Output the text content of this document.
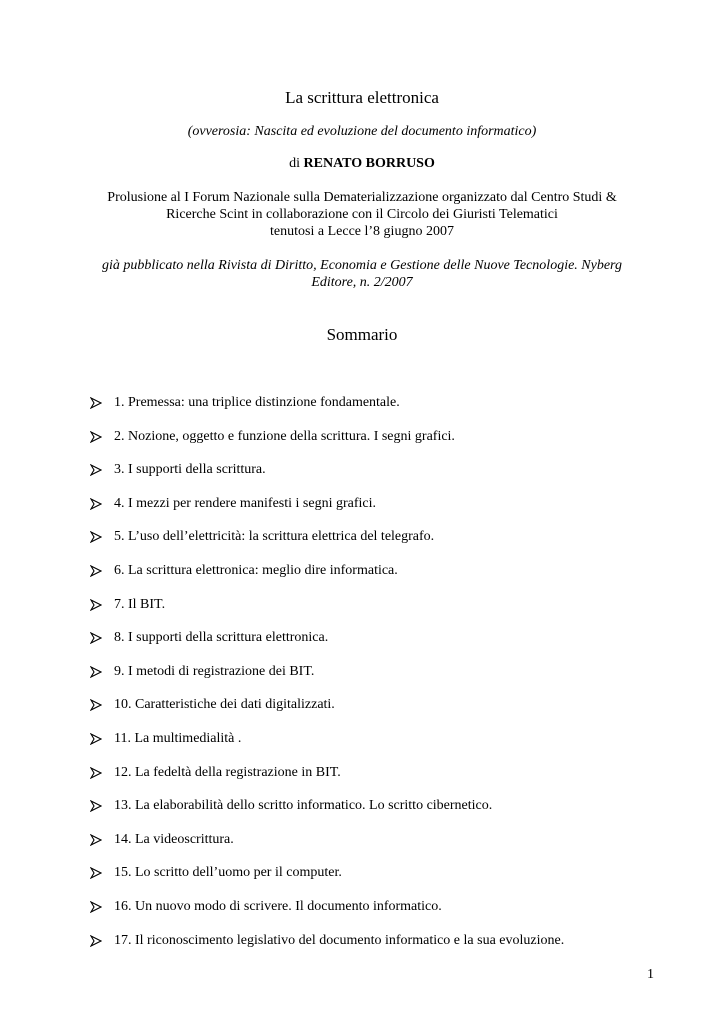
La scrittura elettronica
(ovverosia: Nascita ed evoluzione del documento informatico)
di RENATO BORRUSO
Prolusione al I Forum Nazionale sulla Dematerializzazione organizzato dal Centro Studi &
Ricerche Scint in collaborazione con il Circolo dei Giuristi Telematici
tenutosi a Lecce l’8 giugno 2007
già pubblicato nella Rivista di Diritto, Economia e Gestione delle Nuove Tecnologie. Nyberg
Editore, n. 2/2007
Sommario
1. Premessa: una triplice distinzione fondamentale.
2. Nozione, oggetto e funzione della scrittura. I segni grafici.
3. I supporti della scrittura.
4. I mezzi per rendere manifesti i segni grafici.
5. L’uso dell’elettricità: la scrittura elettrica del telegrafo.
6. La scrittura elettronica: meglio dire informatica.
7. Il BIT.
8. I supporti della scrittura elettronica.
9. I metodi di registrazione dei BIT.
10. Caratteristiche dei dati digitalizzati.
11. La multimedialità .
12. La fedeltà della registrazione in BIT.
13. La elaborabilità dello scritto informatico. Lo scritto cibernetico.
14. La videoscrittura.
15. Lo scritto dell’uomo per il computer.
16. Un nuovo modo di scrivere. Il documento informatico.
17. Il riconoscimento legislativo del documento informatico e la sua evoluzione.
1
